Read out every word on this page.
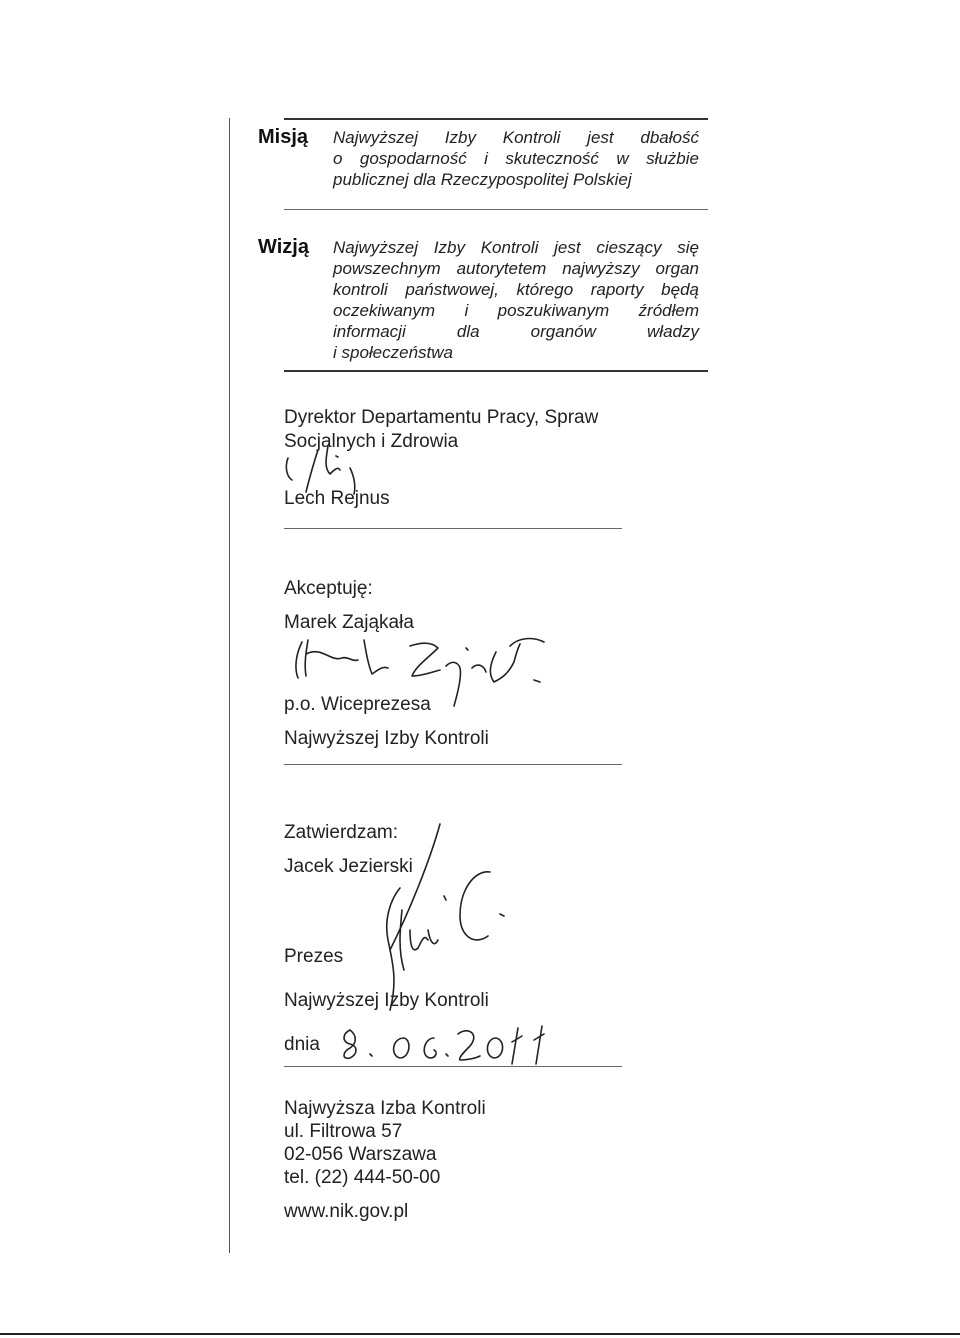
Misją Najwyższej Izby Kontroli jest dbałość
o gospodarność i skuteczność w służbie
publicznej dla Rzeczypospolitej Polskiej
Wizją Najwyższej Izby Kontroli jest cieszący się
powszechnym autorytetem najwyższy organ
kontroli państwowej, którego raporty będą
oczekiwanym i poszukiwanym źródłem
informacji dla organów władzy
i społeczeństwa
Dyrektor Departamentu Pracy, Spraw
Socjalnych i Zdrowia
Lech Rejnus
Akceptuję:
Marek Zająkała
p.o. Wiceprezesa
Najwyższej Izby Kontroli
Zatwierdzam:
Jacek Jezierski
Prezes
Najwyższej Izby Kontroli
dnia
Najwyższa Izba Kontroli
ul. Filtrowa 57
02-056 Warszawa
tel. (22) 444-50-00
www.nik.gov.pl
